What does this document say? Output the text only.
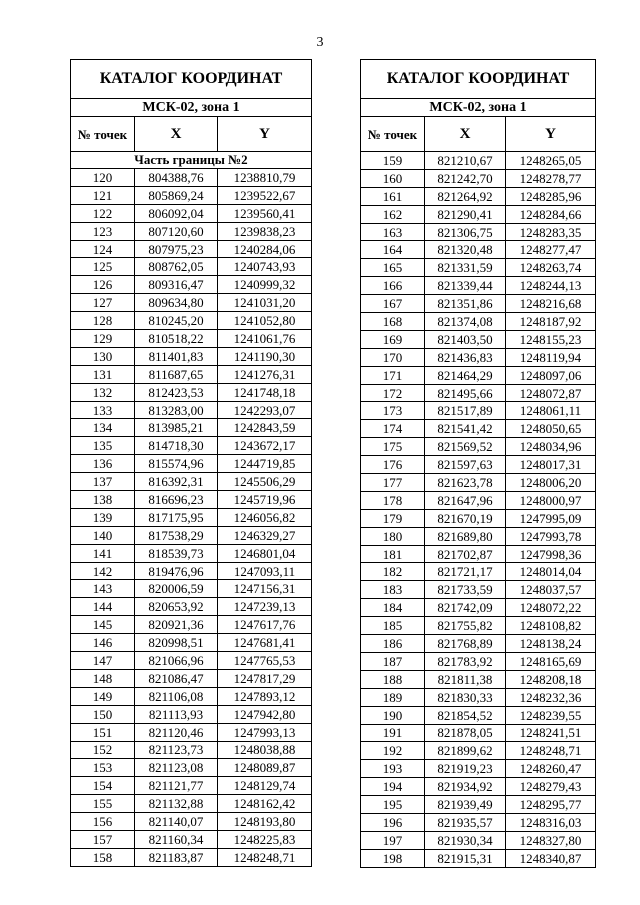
3
КАТАЛОГ КООРДИНАТ		
МСК-02, зона 1		
№ точек	X	Y
Часть границы №2		
120	804388,76	1238810,79
121	805869,24	1239522,67
122	806092,04	1239560,41
123	807120,60	1239838,23
124	807975,23	1240284,06
125	808762,05	1240743,93
126	809316,47	1240999,32
127	809634,80	1241031,20
128	810245,20	1241052,80
129	810518,22	1241061,76
130	811401,83	1241190,30
131	811687,65	1241276,31
132	812423,53	1241748,18
133	813283,00	1242293,07
134	813985,21	1242843,59
135	814718,30	1243672,17
136	815574,96	1244719,85
137	816392,31	1245506,29
138	816696,23	1245719,96
139	817175,95	1246056,82
140	817538,29	1246329,27
141	818539,73	1246801,04
142	819476,96	1247093,11
143	820006,59	1247156,31
144	820653,92	1247239,13
145	820921,36	1247617,76
146	820998,51	1247681,41
147	821066,96	1247765,53
148	821086,47	1247817,29
149	821106,08	1247893,12
150	821113,93	1247942,80
151	821120,46	1247993,13
152	821123,73	1248038,88
153	821123,08	1248089,87
154	821121,77	1248129,74
155	821132,88	1248162,42
156	821140,07	1248193,80
157	821160,34	1248225,83
158	821183,87	1248248,71
КАТАЛОГ КООРДИНАТ		
МСК-02, зона 1		
№ точек	X	Y
159	821210,67	1248265,05
160	821242,70	1248278,77
161	821264,92	1248285,96
162	821290,41	1248284,66
163	821306,75	1248283,35
164	821320,48	1248277,47
165	821331,59	1248263,74
166	821339,44	1248244,13
167	821351,86	1248216,68
168	821374,08	1248187,92
169	821403,50	1248155,23
170	821436,83	1248119,94
171	821464,29	1248097,06
172	821495,66	1248072,87
173	821517,89	1248061,11
174	821541,42	1248050,65
175	821569,52	1248034,96
176	821597,63	1248017,31
177	821623,78	1248006,20
178	821647,96	1248000,97
179	821670,19	1247995,09
180	821689,80	1247993,78
181	821702,87	1247998,36
182	821721,17	1248014,04
183	821733,59	1248037,57
184	821742,09	1248072,22
185	821755,82	1248108,82
186	821768,89	1248138,24
187	821783,92	1248165,69
188	821811,38	1248208,18
189	821830,33	1248232,36
190	821854,52	1248239,55
191	821878,05	1248241,51
192	821899,62	1248248,71
193	821919,23	1248260,47
194	821934,92	1248279,43
195	821939,49	1248295,77
196	821935,57	1248316,03
197	821930,34	1248327,80
198	821915,31	1248340,87
